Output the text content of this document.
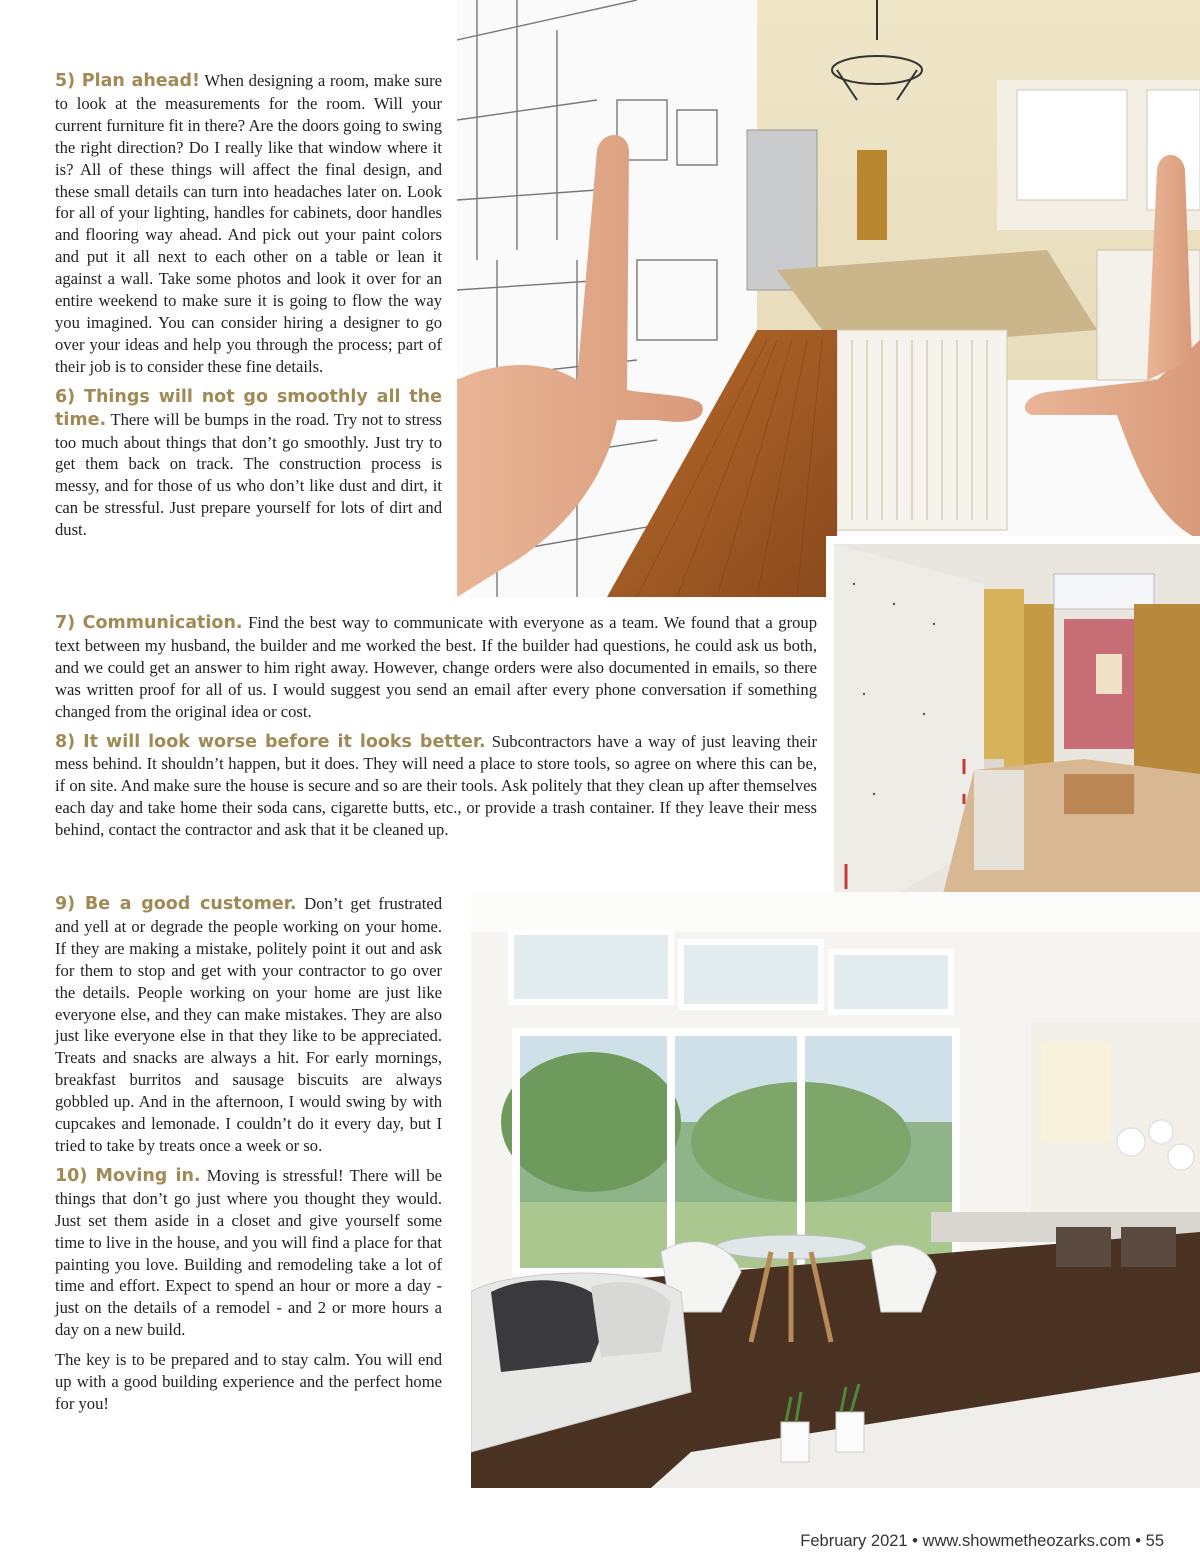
5) Plan ahead! When designing a room, make sure to look at the measurements for the room. Will your current furniture fit in there? Are the doors going to swing the right direction? Do I really like that window where it is? All of these things will affect the final design, and these small details can turn into headaches later on. Look for all of your lighting, handles for cabinets, door handles and flooring way ahead. And pick out your paint colors and put it all next to each other on a table or lean it against a wall. Take some photos and look it over for an entire weekend to make sure it is going to flow the way you imagined. You can consider hiring a designer to go over your ideas and help you through the process; part of their job is to consider these fine details.

6) Things will not go smoothly all the time. There will be bumps in the road. Try not to stress too much about things that don’t go smoothly. Just try to get them back on track. The construction process is messy, and for those of us who don’t like dust and dirt, it can be stressful. Just prepare yourself for lots of dirt and dust.

7) Communication. Find the best way to communicate with everyone as a team. We found that a group text between my husband, the builder and me worked the best. If the builder had questions, he could ask us both, and we could get an answer to him right away. However, change orders were also documented in emails, so there was written proof for all of us. I would suggest you send an email after every phone conversation if something changed from the original idea or cost.

8) It will look worse before it looks better. Subcontractors have a way of just leaving their mess behind. It shouldn’t happen, but it does. They will need a place to store tools, so agree on where this can be, if on site. And make sure the house is secure and so are their tools. Ask politely that they clean up after themselves each day and take home their soda cans, cigarette butts, etc., or provide a trash container. If they leave their mess behind, contact the contractor and ask that it be cleaned up.

9) Be a good customer. Don’t get frustrated and yell at or degrade the people working on your home. If they are making a mistake, politely point it out and ask for them to stop and get with your contractor to go over the details. People working on your home are just like everyone else, and they can make mistakes. They are also just like everyone else in that they like to be appreciated. Treats and snacks are always a hit. For early mornings, breakfast burritos and sausage biscuits are always gobbled up. And in the afternoon, I would swing by with cupcakes and lemonade. I couldn’t do it every day, but I tried to take by treats once a week or so.

10) Moving in. Moving is stressful! There will be things that don’t go just where you thought they would. Just set them aside in a closet and give yourself some time to live in the house, and you will find a place for that painting you love. Building and remodeling take a lot of time and effort. Expect to spend an hour or more a day - just on the details of a remodel - and 2 or more hours a day on a new build.

The key is to be prepared and to stay calm. You will end up with a good building experience and the perfect home for you!

February 2021 • www.showmetheozarks.com • 55
